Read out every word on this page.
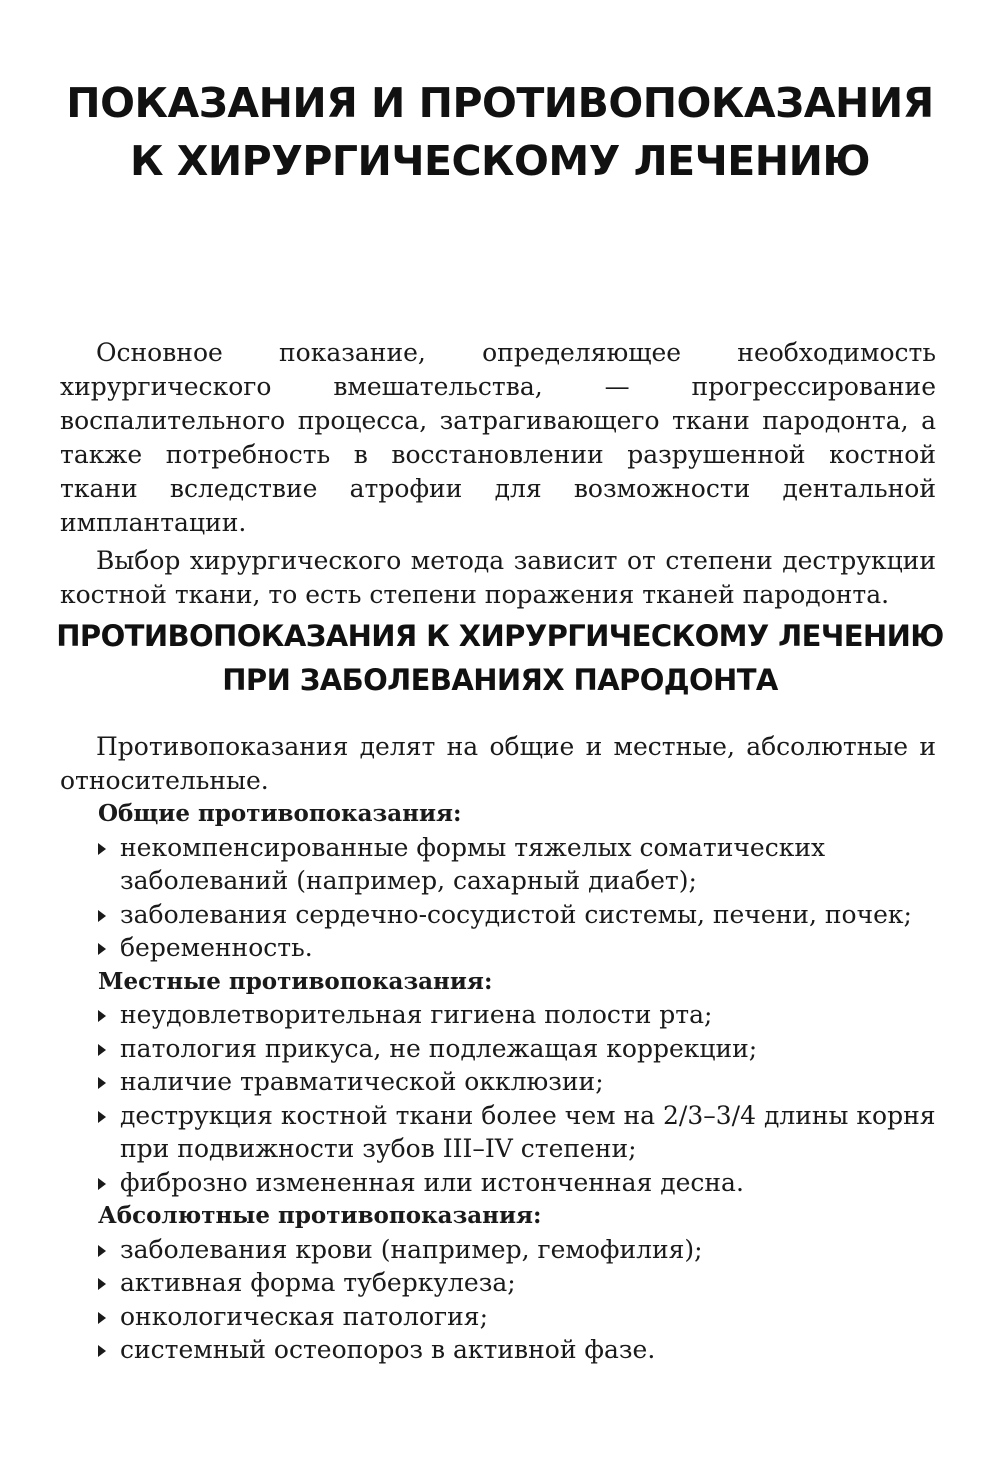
ПОКАЗАНИЯ И ПРОТИВОПОКАЗАНИЯ
К ХИРУРГИЧЕСКОМУ ЛЕЧЕНИЮ

Основное показание, определяющее необходимость хирургического вмешательства, — прогрессирование воспалительного процесса, затрагивающего ткани пародонта, а также потребность в восстановлении разрушенной костной ткани вследствие атрофии для возможности дентальной имплантации.

Выбор хирургического метода зависит от степени деструкции костной ткани, то есть степени поражения тканей пародонта.

ПРОТИВОПОКАЗАНИЯ К ХИРУРГИЧЕСКОМУ ЛЕЧЕНИЮ
ПРИ ЗАБОЛЕВАНИЯХ ПАРОДОНТА

Противопоказания делят на общие и местные, абсолютные и относительные.

Общие противопоказания:

некомпенсированные формы тяжелых соматических заболеваний (например, сахарный диабет);
заболевания сердечно-сосудистой системы, печени, почек;
беременность.

Местные противопоказания:

неудовлетворительная гигиена полости рта;
патология прикуса, не подлежащая коррекции;
наличие травматической окклюзии;
деструкция костной ткани более чем на 2/3–3/4 длины корня при подвижности зубов III–IV степени;
фиброзно измененная или истонченная десна.

Абсолютные противопоказания:

заболевания крови (например, гемофилия);
активная форма туберкулеза;
онкологическая патология;
системный остеопороз в активной фазе.
